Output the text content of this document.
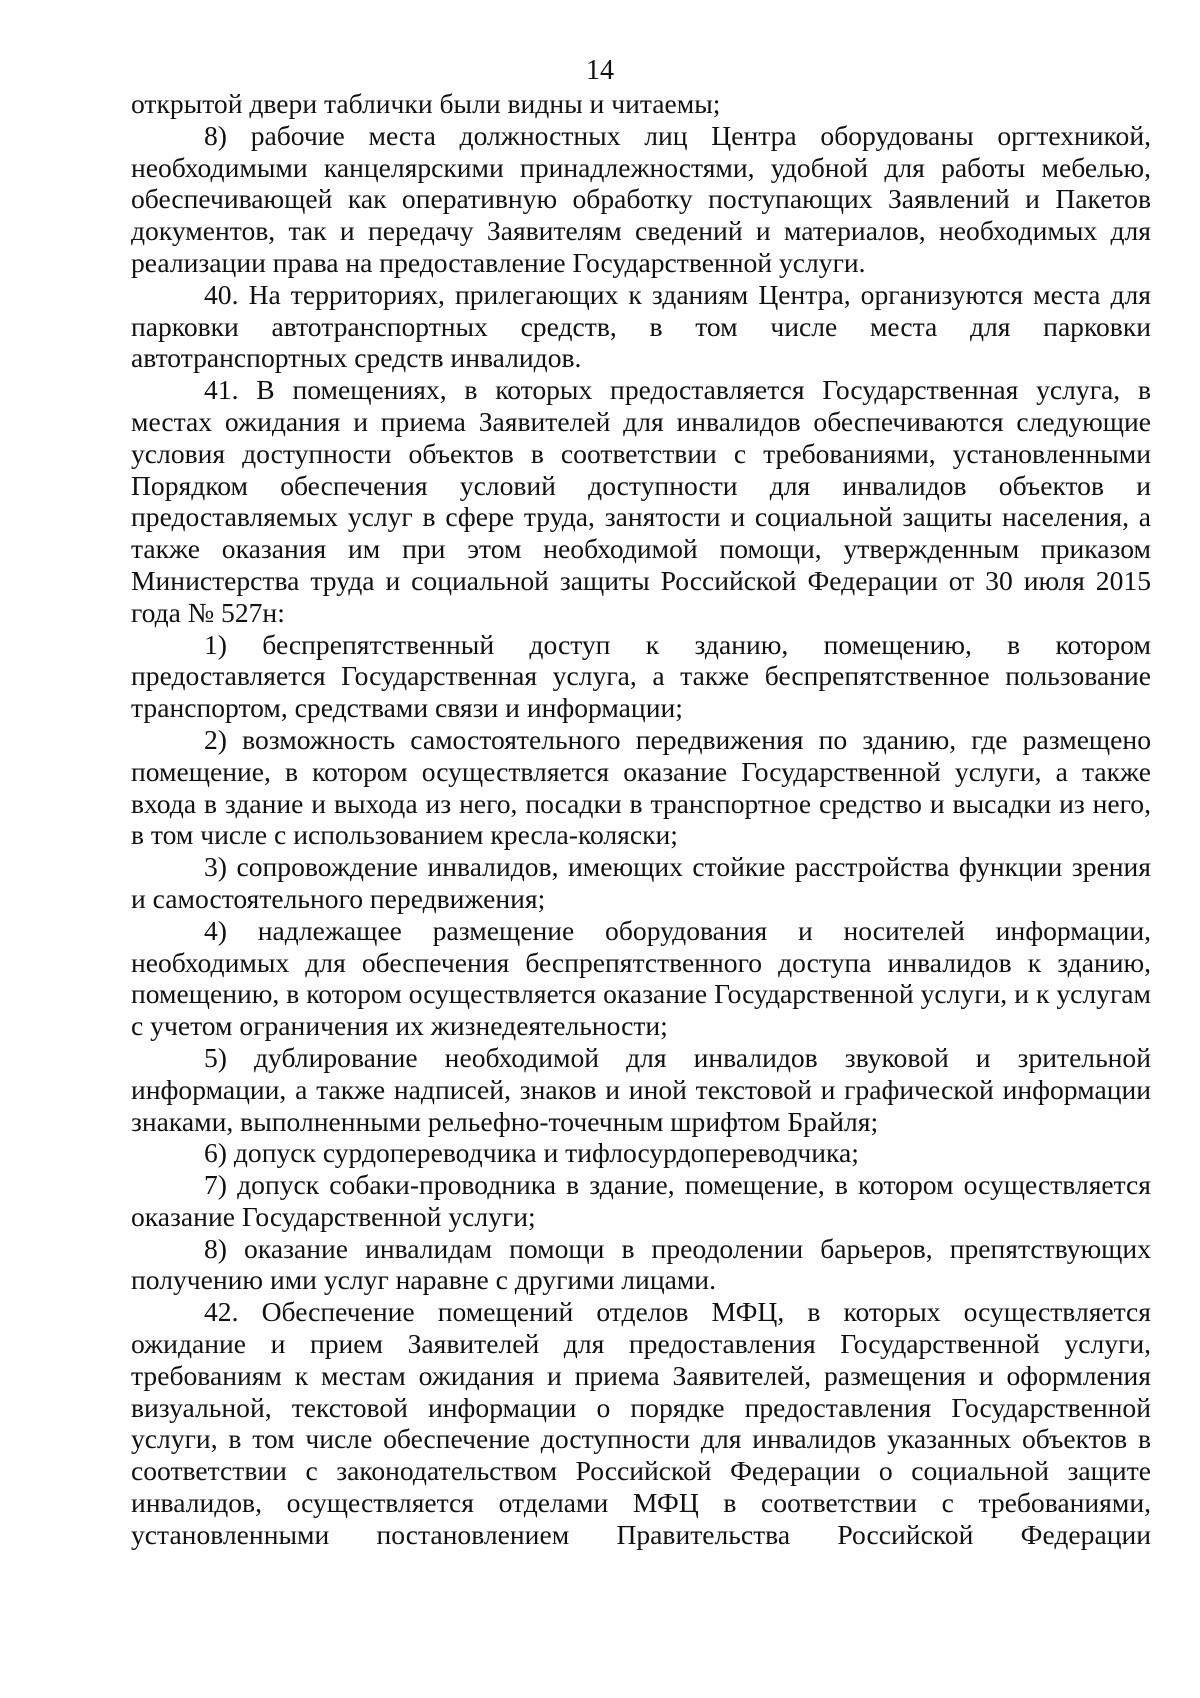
14

открытой двери таблички были видны и читаемы;

8) рабочие места должностных лиц Центра оборудованы оргтехникой, необходимыми канцелярскими принадлежностями, удобной для работы мебелью, обеспечивающей как оперативную обработку поступающих Заявлений и Пакетов документов, так и передачу Заявителям сведений и материалов, необходимых для реализации права на предоставление Государственной услуги.

40. На территориях, прилегающих к зданиям Центра, организуются места для парковки автотранспортных средств, в том числе места для парковки автотранспортных средств инвалидов.

41. В помещениях, в которых предоставляется Государственная услуга, в местах ожидания и приема Заявителей для инвалидов обеспечиваются следующие условия доступности объектов в соответствии с требованиями, установленными Порядком обеспечения условий доступности для инвалидов объектов и предоставляемых услуг в сфере труда, занятости и социальной защиты населения, а также оказания им при этом необходимой помощи, утвержденным приказом Министерства труда и социальной защиты Российской Федерации от 30 июля 2015 года № 527н:

1) беспрепятственный доступ к зданию, помещению, в котором предоставляется Государственная услуга, а также беспрепятственное пользование транспортом, средствами связи и информации;

2) возможность самостоятельного передвижения по зданию, где размещено помещение, в котором осуществляется оказание Государственной услуги, а также входа в здание и выхода из него, посадки в транспортное средство и высадки из него, в том числе с использованием кресла-коляски;

3) сопровождение инвалидов, имеющих стойкие расстройства функции зрения и самостоятельного передвижения;

4) надлежащее размещение оборудования и носителей информации, необходимых для обеспечения беспрепятственного доступа инвалидов к зданию, помещению, в котором осуществляется оказание Государственной услуги, и к услугам с учетом ограничения их жизнедеятельности;

5) дублирование необходимой для инвалидов звуковой и зрительной информации, а также надписей, знаков и иной текстовой и графической информации знаками, выполненными рельефно-точечным шрифтом Брайля;

6) допуск сурдопереводчика и тифлосурдопереводчика;

7) допуск собаки-проводника в здание, помещение, в котором осуществляется оказание Государственной услуги;

8) оказание инвалидам помощи в преодолении барьеров, препятствующих получению ими услуг наравне с другими лицами.

42. Обеспечение помещений отделов МФЦ, в которых осуществляется ожидание и прием Заявителей для предоставления Государственной услуги, требованиям к местам ожидания и приема Заявителей, размещения и оформления визуальной, текстовой информации о порядке предоставления Государственной услуги, в том числе обеспечение доступности для инвалидов указанных объектов в соответствии с законодательством Российской Федерации о социальной защите инвалидов, осуществляется отделами МФЦ в соответствии с требованиями, установленными постановлением Правительства Российской Федерации
